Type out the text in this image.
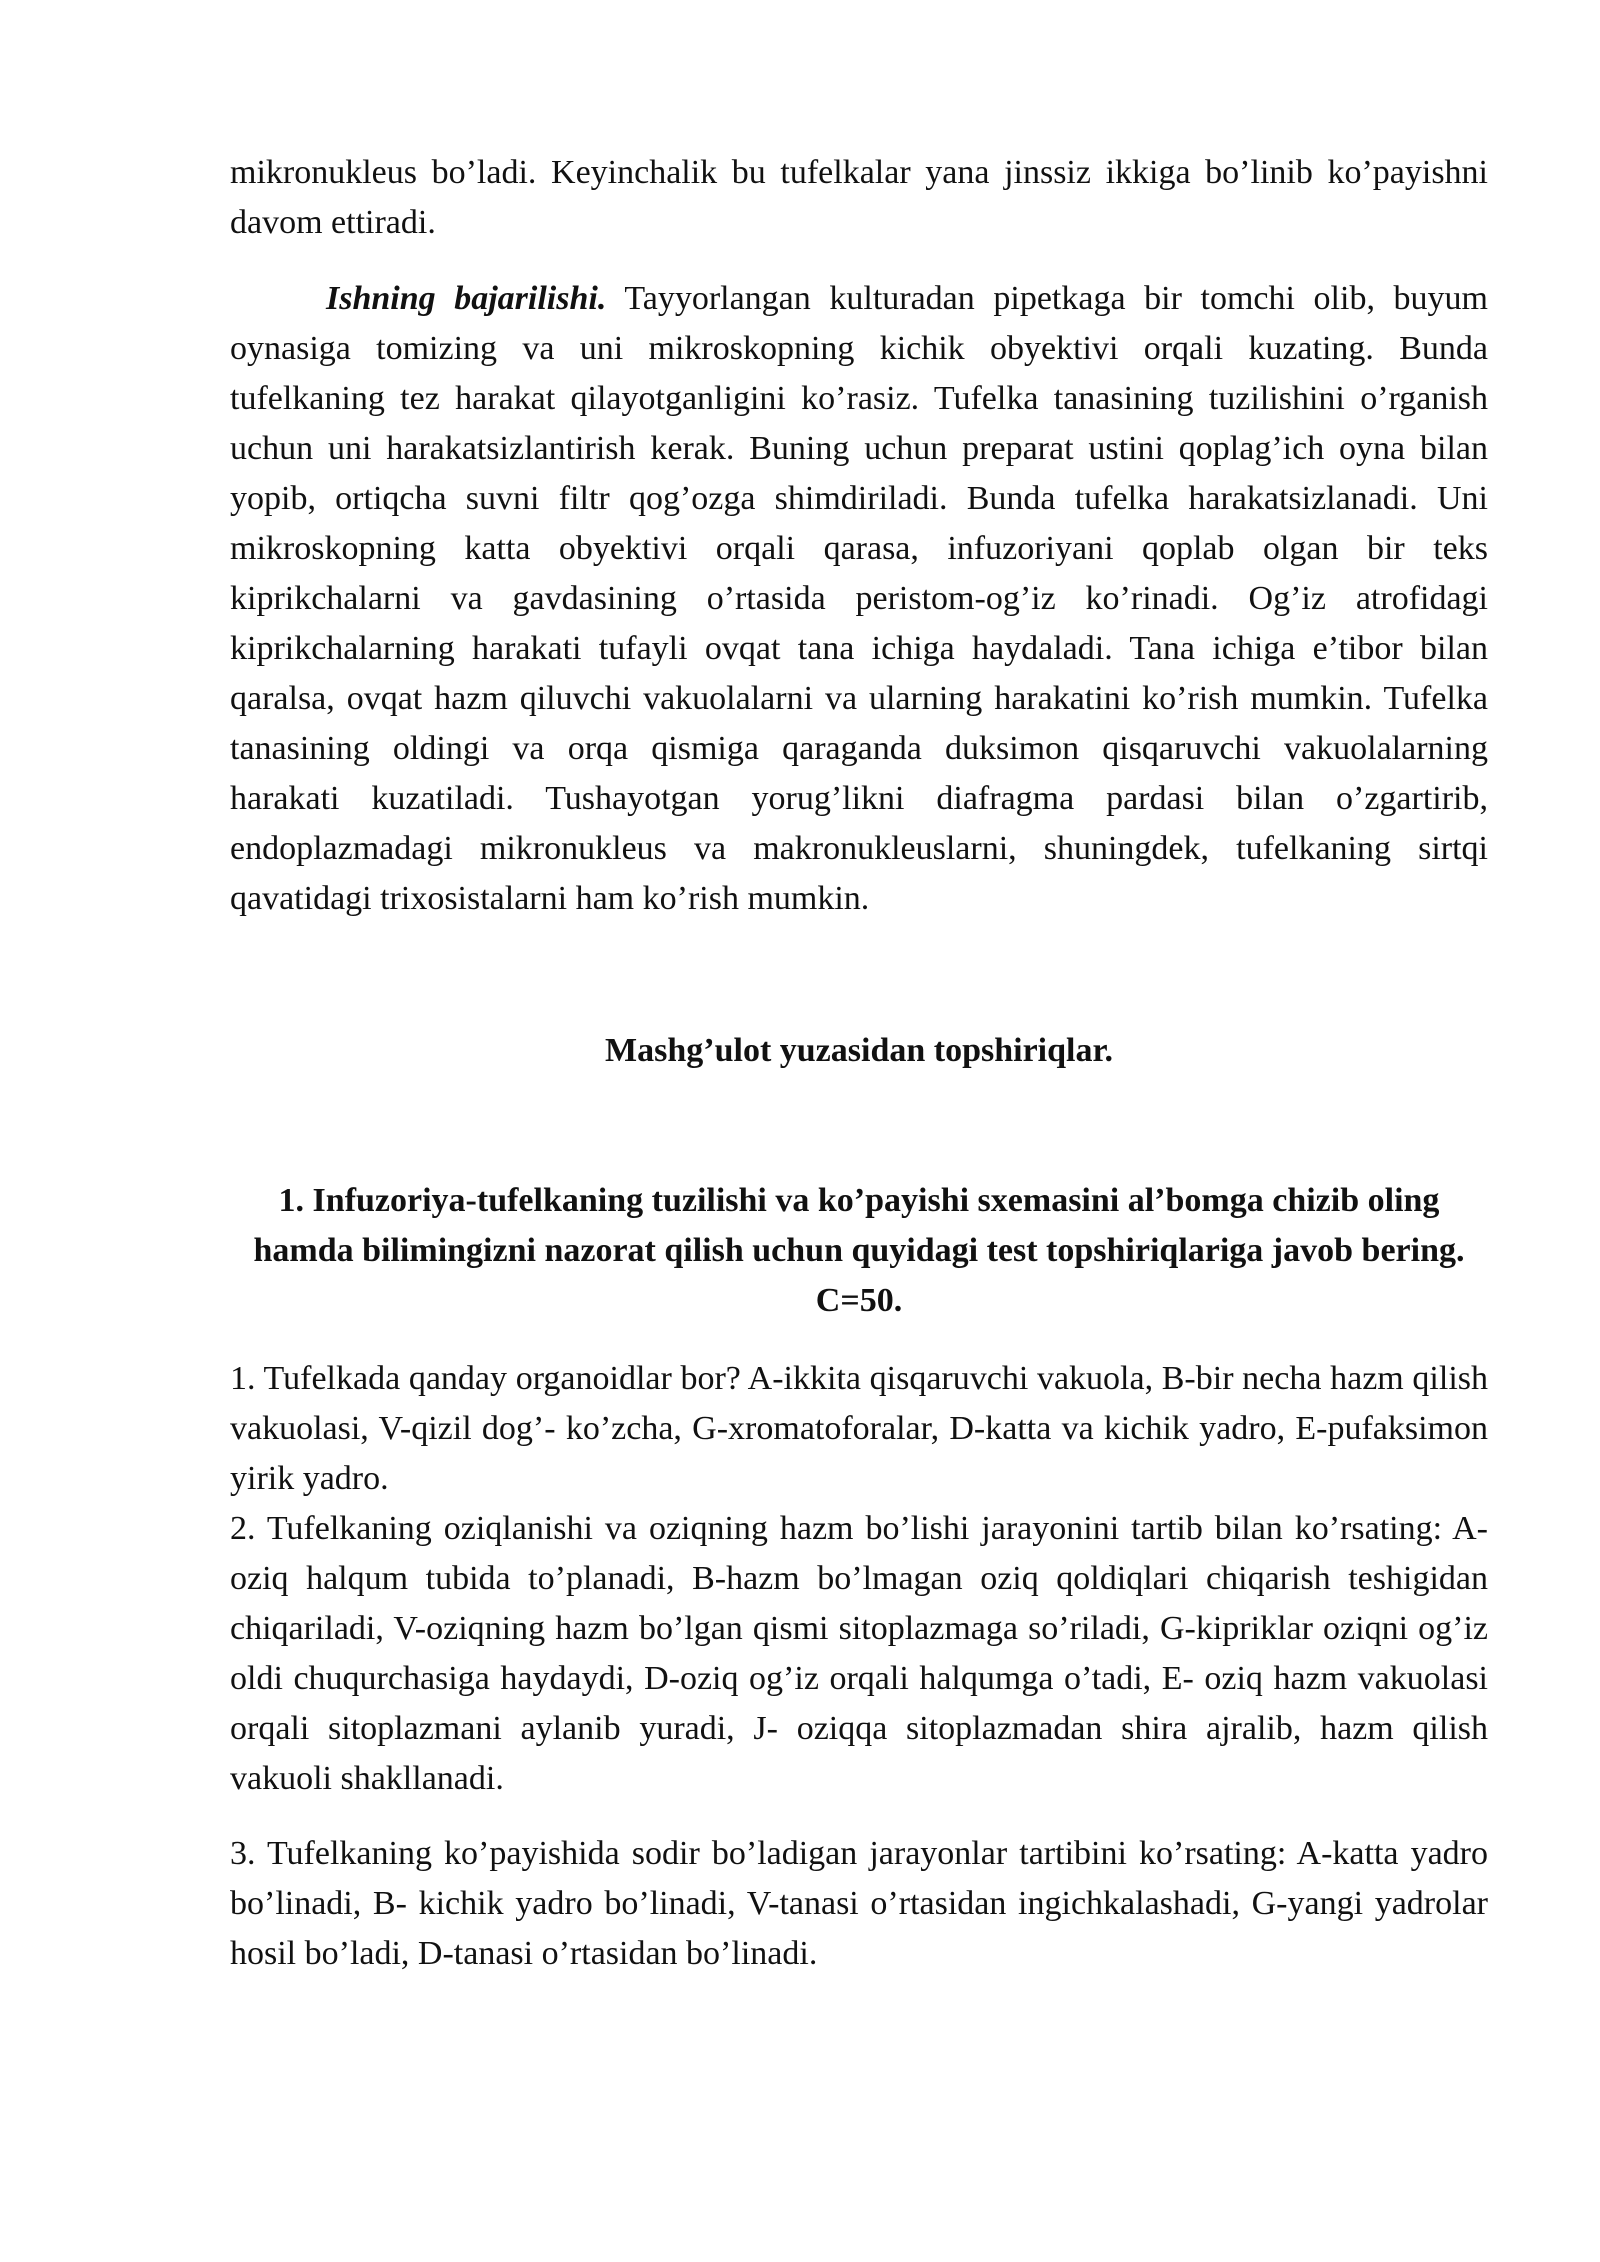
mikronukleus bo’ladi. Keyinchalik bu tufelkalar yana jinssiz ikkiga bo’linib ko’payishni davom ettiradi.

Ishning bajarilishi. Tayyorlangan kulturadan pipetkaga bir tomchi olib, buyum oynasiga tomizing va uni mikroskopning kichik obyektivi orqali kuzating. Bunda tufelkaning tez harakat qilayotganligini ko’rasiz. Tufelka tanasining tuzilishini o’rganish uchun uni harakatsizlantirish kerak. Buning uchun preparat ustini qoplag’ich oyna bilan yopib, ortiqcha suvni filtr qog’ozga shimdiriladi. Bunda tufelka harakatsizlanadi. Uni mikroskopning katta obyektivi orqali qarasa, infuzoriyani qoplab olgan bir teks kiprikchalarni va gavdasining o’rtasida peristom-og’iz ko’rinadi. Og’iz atrofidagi kiprikchalarning harakati tufayli ovqat tana ichiga haydaladi. Tana ichiga e’tibor bilan qaralsa, ovqat hazm qiluvchi vakuolalarni va ularning harakatini ko’rish mumkin. Tufelka tanasining oldingi va orqa qismiga qaraganda duksimon qisqaruvchi vakuolalarning harakati kuzatiladi. Tushayotgan yorug’likni diafragma pardasi bilan o’zgartirib, endoplazmadagi mikronukleus va makronukleuslarni, shuningdek, tufelkaning sirtqi qavatidagi trixosistalarni ham ko’rish mumkin.

Mashg’ulot yuzasidan topshiriqlar.

1. Infuzoriya-tufelkaning tuzilishi va ko’payishi sxemasini al’bomga chizib oling hamda bilimingizni nazorat qilish uchun quyidagi test topshiriqlariga javob bering. C=50.

1. Tufelkada qanday organoidlar bor? A-ikkita qisqaruvchi vakuola, B-bir necha hazm qilish vakuolasi, V-qizil dog’- ko’zcha, G-xromatoforalar, D-katta va kichik yadro, E-pufaksimon yirik yadro.

2. Tufelkaning oziqlanishi va oziqning hazm bo’lishi jarayonini tartib bilan ko’rsating: A-oziq halqum tubida to’planadi, B-hazm bo’lmagan oziq qoldiqlari chiqarish teshigidan chiqariladi, V-oziqning hazm bo’lgan qismi sitoplazmaga so’riladi, G-kipriklar oziqni og’iz oldi chuqurchasiga haydaydi, D-oziq og’iz orqali halqumga o’tadi, E- oziq hazm vakuolasi orqali sitoplazmani aylanib yuradi, J- oziqqa sitoplazmadan shira ajralib, hazm qilish vakuoli shakllanadi.

3. Tufelkaning ko’payishida sodir bo’ladigan jarayonlar tartibini ko’rsating: A-katta yadro bo’linadi, B- kichik yadro bo’linadi, V-tanasi o’rtasidan ingichkalashadi, G-yangi yadrolar hosil bo’ladi, D-tanasi o’rtasidan bo’linadi.
